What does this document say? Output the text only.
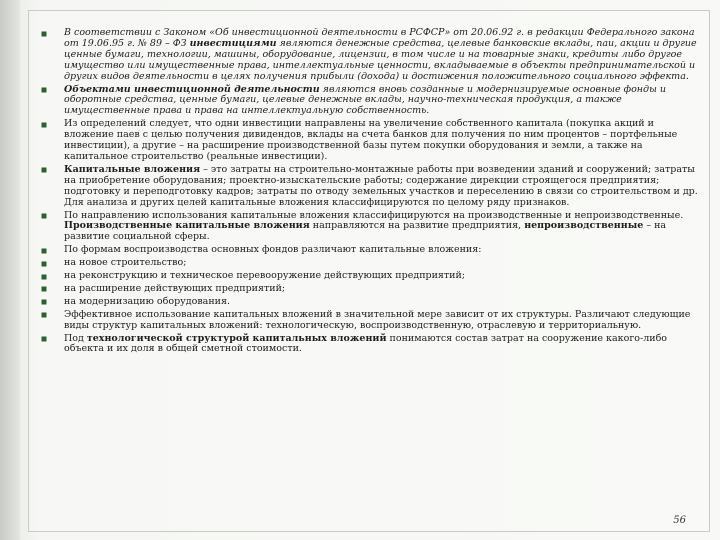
В соответствии с Законом «Об инвестиционной деятельности в РСФСР» от 20.06.92 г. в редакции Федерального закона от 19.06.95 г. № 89 – ФЗ инвестициями являются денежные средства, целевые банковские вклады, паи, акции и другие ценные бумаги, технологии, машины, оборудование, лицензии, в том числе и на товарные знаки, кредиты либо другое имущество или имущественные права, интеллектуальные ценности, вкладываемые в объекты предпринимательской и других видов деятельности в целях получения прибыли (дохода) и достижения положительного социального эффекта.
Объектами инвестиционной деятельности являются вновь созданные и модернизируемые основные фонды и оборотные средства, ценные бумаги, целевые денежные вклады, научно-техническая продукция, а также имущественные права и права на интеллектуальную собственность.
Из определений следует, что одни инвестиции направлены на увеличение собственного капитала (покупка акций и вложение паев с целью получения дивидендов, вклады на счета банков для получения по ним процентов – портфельные инвестиции), а другие – на расширение производственной базы путем покупки оборудования и земли, а также на капитальное строительство (реальные инвестиции).
Капитальные вложения – это затраты на строительно-монтажные работы при возведении зданий и сооружений; затраты на приобретение оборудования; проектно-изыскательские работы; содержание дирекции строящегося предприятия; подготовку и переподготовку кадров; затраты по отводу земельных участков и переселению в связи со строительством и др. Для анализа и других целей капитальные вложения классифицируются по целому ряду признаков.
По направлению использования капитальные вложения классифицируются на производственные и непроизводственные. Производственные капитальные вложения направляются на развитие предприятия, непроизводственные – на развитие социальной сферы.
По формам воспроизводства основных фондов различают капитальные вложения:
на новое строительство;
на реконструкцию и техническое перевооружение действующих предприятий;
на расширение действующих предприятий;
на модернизацию оборудования.
Эффективное использование капитальных вложений в значительной мере зависит от их структуры. Различают следующие виды структур капитальных вложений: технологическую, воспроизводственную, отраслевую и территориальную.
Под технологической структурой капитальных вложений понимаются состав затрат на сооружение какого-либо объекта и их доля в общей сметной стоимости.
56
